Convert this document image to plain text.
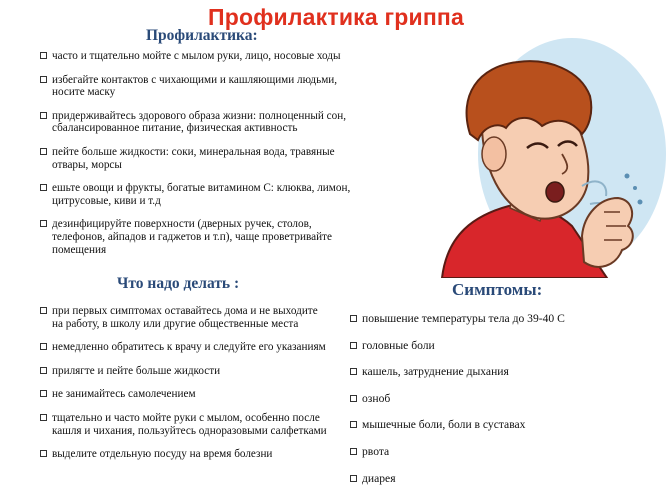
Профилактика гриппа
Профилактика:
часто и тщательно мойте с мылом руки, лицо, носовые ходы
избегайте контактов с чихающими и кашляющими людьми, носите маску
придерживайтесь здорового образа жизни: полноценный сон, сбалансированное питание, физическая активность
пейте больше жидкости: соки, минеральная вода, травяные отвары, морсы
ешьте овощи и фрукты, богатые витамином С: клюква, лимон, цитрусовые, киви и т.д
дезинфицируйте поверхности (дверных ручек, столов, телефонов, айпадов и гаджетов и т.п), чаще проветривайте помещения
Что надо делать :
при первых симптомах оставайтесь дома и не выходите на работу, в школу или другие общественные места
немедленно обратитесь к врачу и следуйте его указаниям
прилягте и пейте больше жидкости
не занимайтесь самолечением
тщательно и часто мойте руки с мылом, особенно после кашля и чихания, пользуйтесь одноразовыми салфетками
выделите отдельную посуду на время болезни
Симптомы:
повышение температуры тела до 39-40 С
головные боли
кашель, затруднение дыхания
озноб
мышечные боли, боли в суставах
рвота
диарея
